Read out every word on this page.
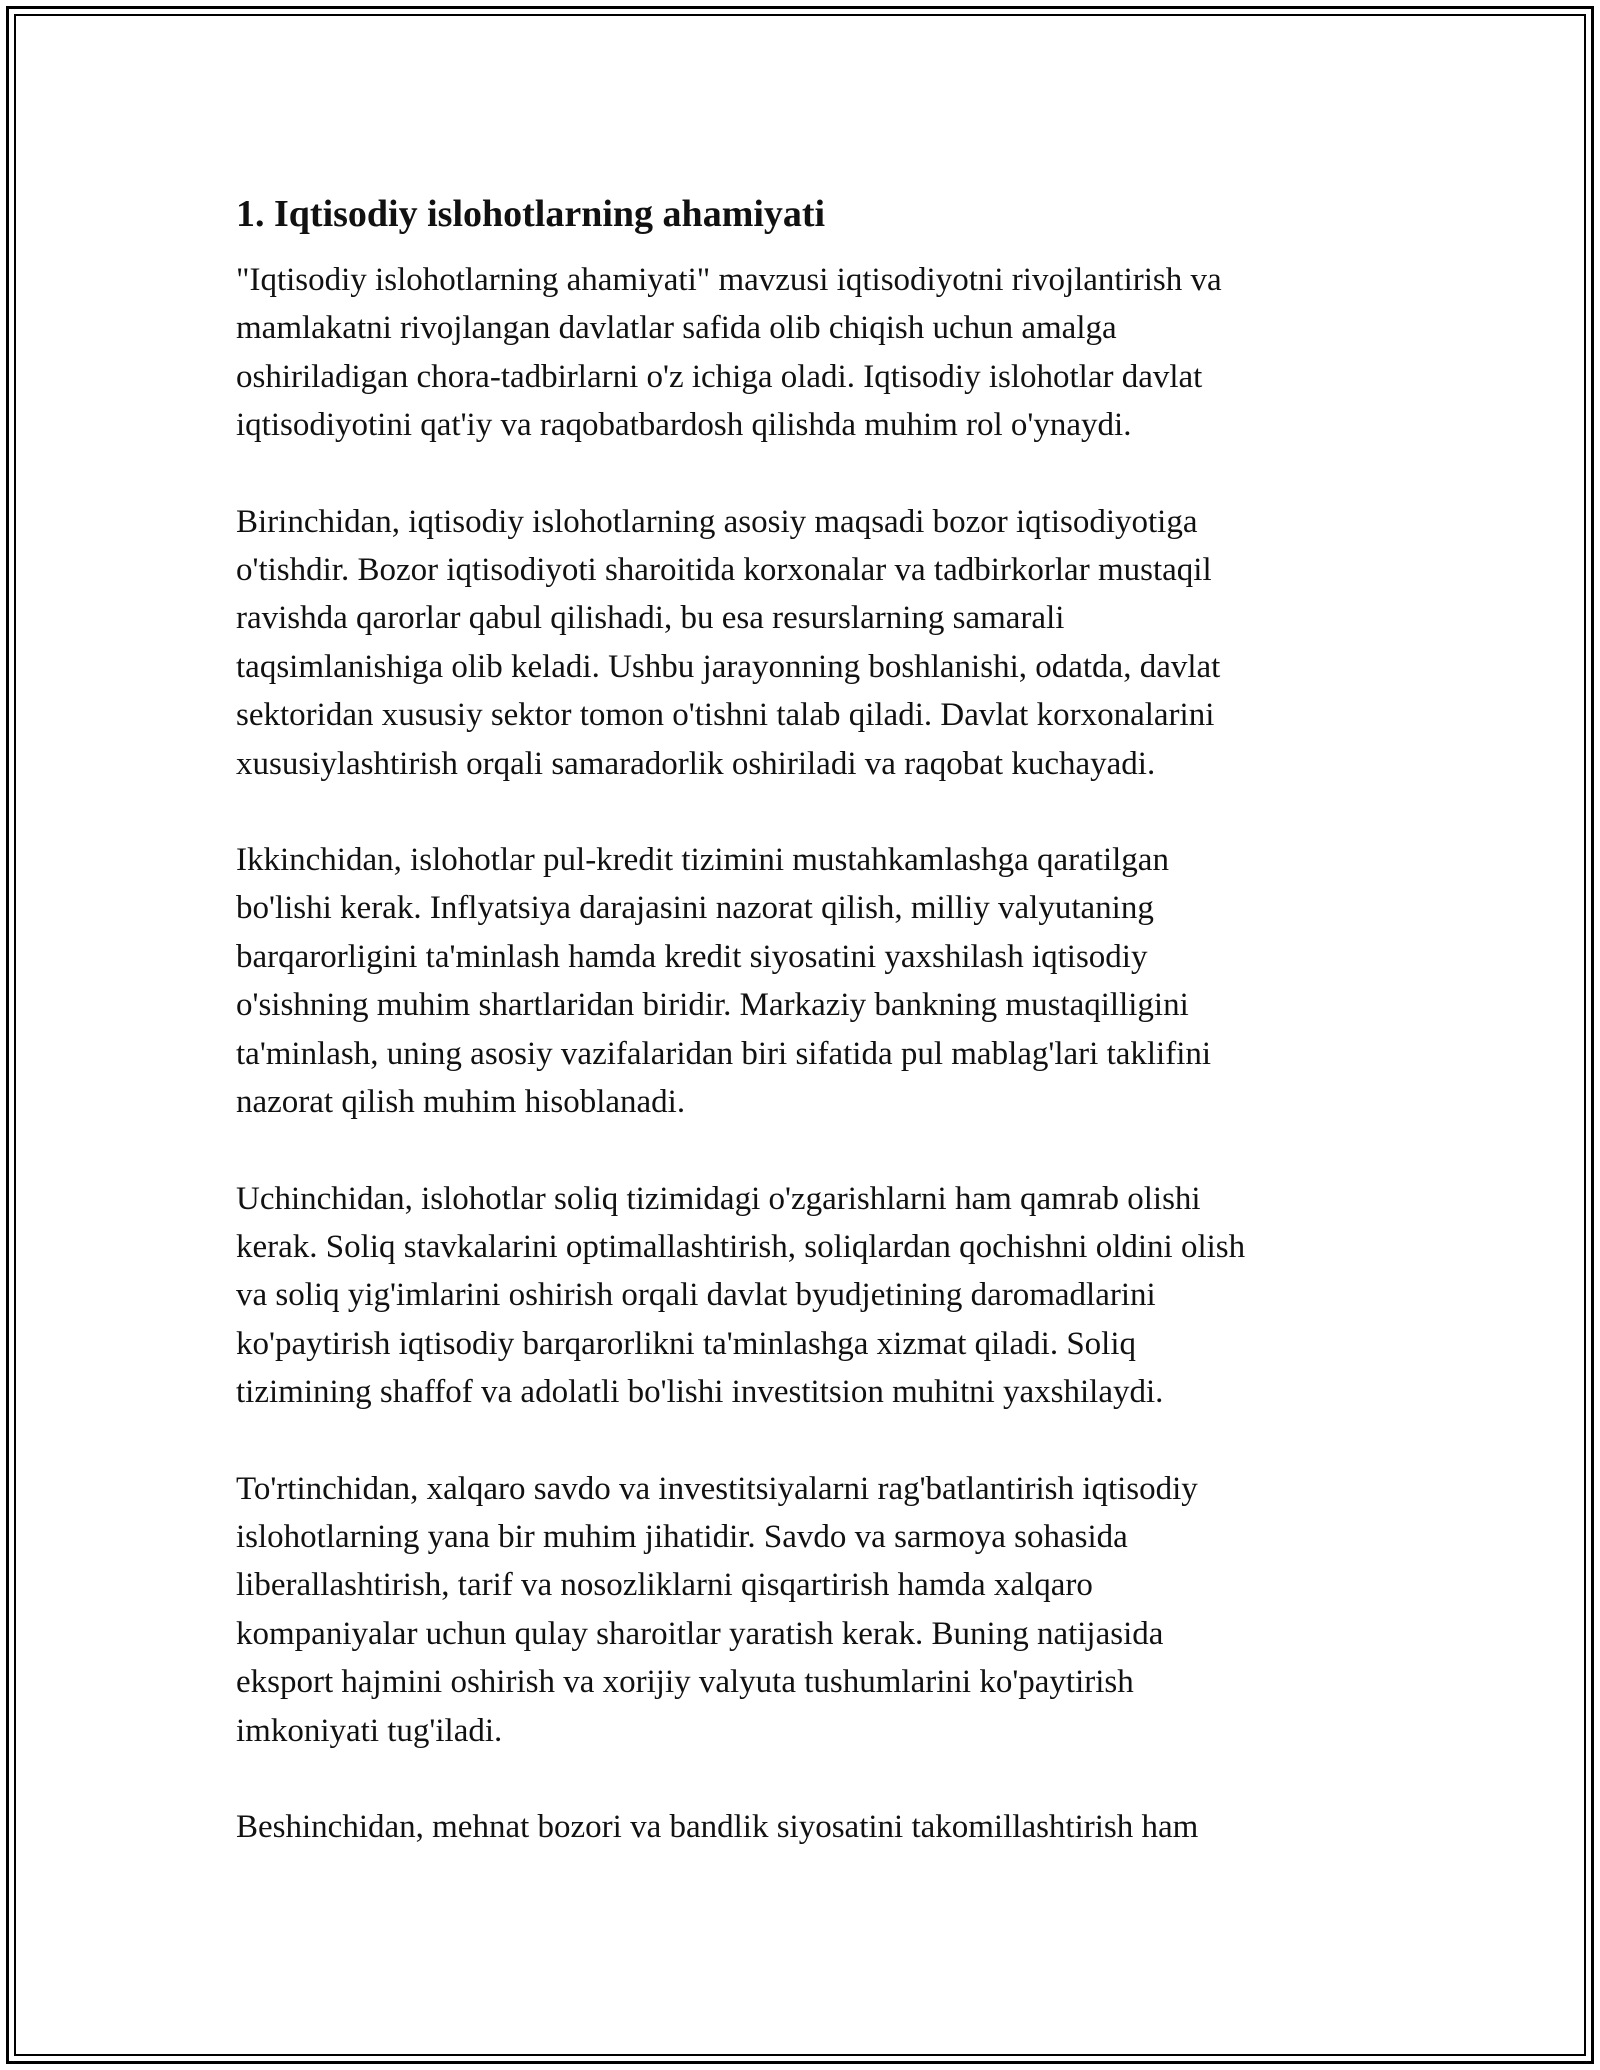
1. Iqtisodiy islohotlarning ahamiyati
"Iqtisodiy islohotlarning ahamiyati" mavzusi iqtisodiyotni rivojlantirish va
mamlakatni rivojlangan davlatlar safida olib chiqish uchun amalga
oshiriladigan chora-tadbirlarni o'z ichiga oladi. Iqtisodiy islohotlar davlat
iqtisodiyotini qat'iy va raqobatbardosh qilishda muhim rol o'ynaydi.
Birinchidan, iqtisodiy islohotlarning asosiy maqsadi bozor iqtisodiyotiga
o'tishdir. Bozor iqtisodiyoti sharoitida korxonalar va tadbirkorlar mustaqil
ravishda qarorlar qabul qilishadi, bu esa resurslarning samarali
taqsimlanishiga olib keladi. Ushbu jarayonning boshlanishi, odatda, davlat
sektoridan xususiy sektor tomon o'tishni talab qiladi. Davlat korxonalarini
xususiylashtirish orqali samaradorlik oshiriladi va raqobat kuchayadi.
Ikkinchidan, islohotlar pul-kredit tizimini mustahkamlashga qaratilgan
bo'lishi kerak. Inflyatsiya darajasini nazorat qilish, milliy valyutaning
barqarorligini ta'minlash hamda kredit siyosatini yaxshilash iqtisodiy
o'sishning muhim shartlaridan biridir. Markaziy bankning mustaqilligini
ta'minlash, uning asosiy vazifalaridan biri sifatida pul mablag'lari taklifini
nazorat qilish muhim hisoblanadi.
Uchinchidan, islohotlar soliq tizimidagi o'zgarishlarni ham qamrab olishi
kerak. Soliq stavkalarini optimallashtirish, soliqlardan qochishni oldini olish
va soliq yig'imlarini oshirish orqali davlat byudjetining daromadlarini
ko'paytirish iqtisodiy barqarorlikni ta'minlashga xizmat qiladi. Soliq
tizimining shaffof va adolatli bo'lishi investitsion muhitni yaxshilaydi.
To'rtinchidan, xalqaro savdo va investitsiyalarni rag'batlantirish iqtisodiy
islohotlarning yana bir muhim jihatidir. Savdo va sarmoya sohasida
liberallashtirish, tarif va nosozliklarni qisqartirish hamda xalqaro
kompaniyalar uchun qulay sharoitlar yaratish kerak. Buning natijasida
eksport hajmini oshirish va xorijiy valyuta tushumlarini ko'paytirish
imkoniyati tug'iladi.
Beshinchidan, mehnat bozori va bandlik siyosatini takomillashtirish ham
